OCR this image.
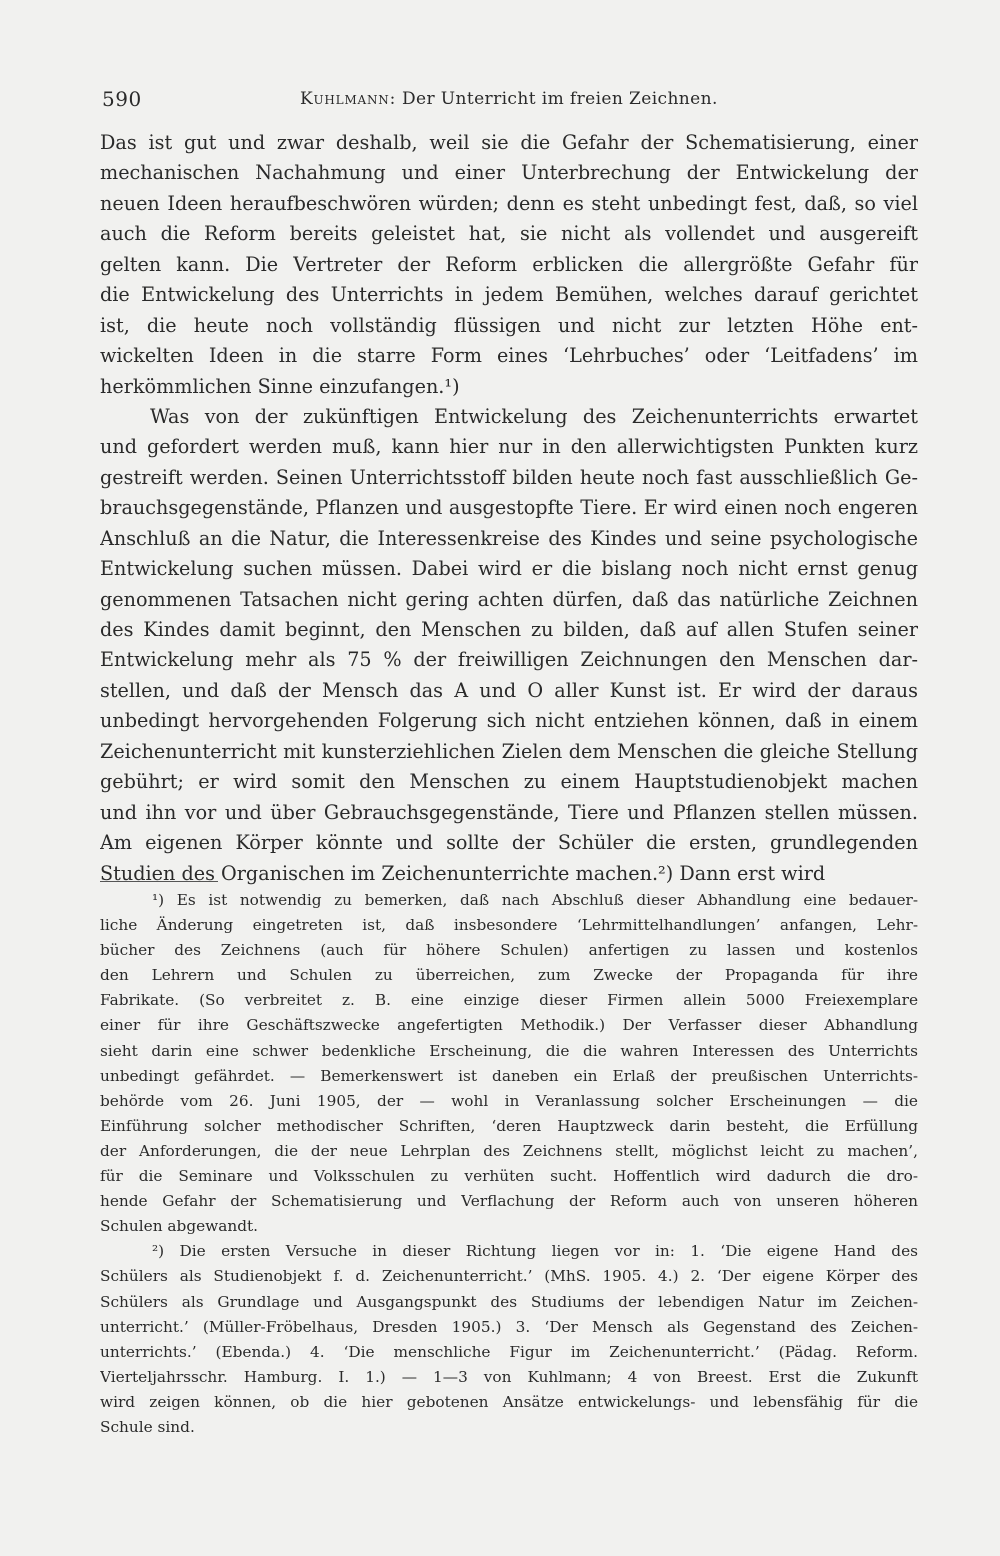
590	Kuhlmann: Der Unterricht im freien Zeichnen.
Das ist gut und zwar deshalb, weil sie die Gefahr der Schematisierung, einer
mechanischen Nachahmung und einer Unterbrechung der Entwickelung der
neuen Ideen heraufbeschwören würden; denn es steht unbedingt fest, daß, so viel
auch die Reform bereits geleistet hat, sie nicht als vollendet und ausgereift
gelten kann. Die Vertreter der Reform erblicken die allergrößte Gefahr für
die Entwickelung des Unterrichts in jedem Bemühen, welches darauf gerichtet
ist, die heute noch vollständig flüssigen und nicht zur letzten Höhe ent-
wickelten Ideen in die starre Form eines ‘Lehrbuches’ oder ‘Leitfadens’ im
herkömmlichen Sinne einzufangen.¹)
Was von der zukünftigen Entwickelung des Zeichenunterrichts erwartet
und gefordert werden muß, kann hier nur in den allerwichtigsten Punkten kurz
gestreift werden. Seinen Unterrichtsstoff bilden heute noch fast ausschließlich Ge-
brauchsgegenstände, Pflanzen und ausgestopfte Tiere. Er wird einen noch engeren
Anschluß an die Natur, die Interessenkreise des Kindes und seine psychologische
Entwickelung suchen müssen. Dabei wird er die bislang noch nicht ernst genug
genommenen Tatsachen nicht gering achten dürfen, daß das natürliche Zeichnen
des Kindes damit beginnt, den Menschen zu bilden, daß auf allen Stufen seiner
Entwickelung mehr als 75 % der freiwilligen Zeichnungen den Menschen dar-
stellen, und daß der Mensch das A und O aller Kunst ist. Er wird der daraus
unbedingt hervorgehenden Folgerung sich nicht entziehen können, daß in einem
Zeichenunterricht mit kunsterziehlichen Zielen dem Menschen die gleiche Stellung
gebührt; er wird somit den Menschen zu einem Hauptstudienobjekt machen
und ihn vor und über Gebrauchsgegenstände, Tiere und Pflanzen stellen müssen.
Am eigenen Körper könnte und sollte der Schüler die ersten, grundlegenden
Studien des Organischen im Zeichenunterrichte machen.²) Dann erst wird
¹) Es ist notwendig zu bemerken, daß nach Abschluß dieser Abhandlung eine bedauer-
liche Änderung eingetreten ist, daß insbesondere ‘Lehrmittelhandlungen’ anfangen, Lehr-
bücher des Zeichnens (auch für höhere Schulen) anfertigen zu lassen und kostenlos
den Lehrern und Schulen zu überreichen, zum Zwecke der Propaganda für ihre
Fabrikate. (So verbreitet z. B. eine einzige dieser Firmen allein 5000 Freiexemplare
einer für ihre Geschäftszwecke angefertigten Methodik.) Der Verfasser dieser Abhandlung
sieht darin eine schwer bedenkliche Erscheinung, die die wahren Interessen des Unterrichts
unbedingt gefährdet. — Bemerkenswert ist daneben ein Erlaß der preußischen Unterrichts-
behörde vom 26. Juni 1905, der — wohl in Veranlassung solcher Erscheinungen — die
Einführung solcher methodischer Schriften, ‘deren Hauptzweck darin besteht, die Erfüllung
der Anforderungen, die der neue Lehrplan des Zeichnens stellt, möglichst leicht zu machen’,
für die Seminare und Volksschulen zu verhüten sucht. Hoffentlich wird dadurch die dro-
hende Gefahr der Schematisierung und Verflachung der Reform auch von unseren höheren
Schulen abgewandt.
²) Die ersten Versuche in dieser Richtung liegen vor in: 1. ‘Die eigene Hand des
Schülers als Studienobjekt f. d. Zeichenunterricht.’ (MhS. 1905. 4.) 2. ‘Der eigene Körper des
Schülers als Grundlage und Ausgangspunkt des Studiums der lebendigen Natur im Zeichen-
unterricht.’ (Müller-Fröbelhaus, Dresden 1905.) 3. ‘Der Mensch als Gegenstand des Zeichen-
unterrichts.’ (Ebenda.) 4. ‘Die menschliche Figur im Zeichenunterricht.’ (Pädag. Reform.
Vierteljahrsschr. Hamburg. I. 1.) — 1—3 von Kuhlmann; 4 von Breest. Erst die Zukunft
wird zeigen können, ob die hier gebotenen Ansätze entwickelungs- und lebensfähig für die
Schule sind.
